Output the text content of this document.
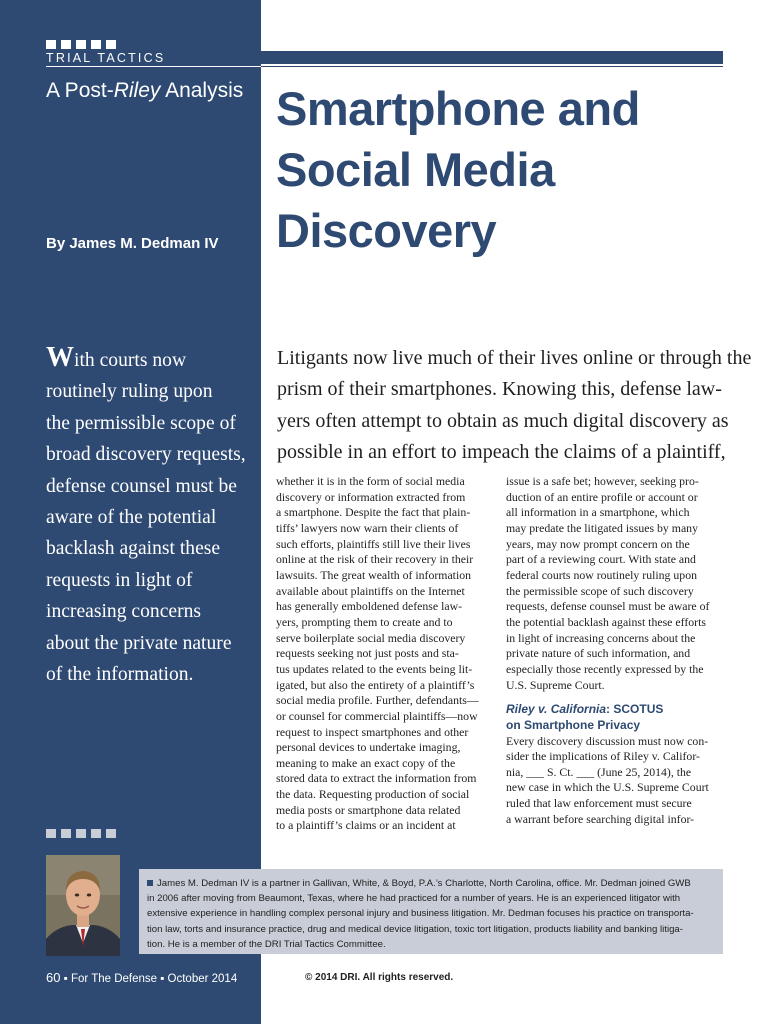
TRIAL TACTICS
A Post-Riley Analysis Smartphone and
Social Media
Discovery
By James M. Dedman IV
With courts now
routinely ruling upon
the permissible scope of
broad discovery requests,
defense counsel must be
aware of the potential
backlash against these
requests in light of
increasing concerns
about the private nature
of the information.
Litigants now live much of their lives online or through the
prism of their smartphones. Knowing this, defense law-
yers often attempt to obtain as much digital discovery as
possible in an effort to impeach the claims of a plaintiff,
whether it is in the form of social media
discovery or information extracted from
a smartphone. Despite the fact that plain-
tiffs’ lawyers now warn their clients of
such efforts, plaintiffs still live their lives
online at the risk of their recovery in their
lawsuits. The great wealth of information
available about plaintiffs on the Internet
has generally emboldened defense law-
yers, prompting them to create and to
serve boilerplate social media discovery
requests seeking not just posts and sta-
tus updates related to the events being lit-
igated, but also the entirety of a plaintiff’s
social media profile. Further, defendants—
or counsel for commercial plaintiffs—now
request to inspect smartphones and other
personal devices to undertake imaging,
meaning to make an exact copy of the
stored data to extract the information from
the data. Requesting production of social
media posts or smartphone data related
to a plaintiff’s claims or an incident at
issue is a safe bet; however, seeking pro-
duction of an entire profile or account or
all information in a smartphone, which
may predate the litigated issues by many
years, may now prompt concern on the
part of a reviewing court. With state and
federal courts now routinely ruling upon
the permissible scope of such discovery
requests, defense counsel must be aware of
the potential backlash against these efforts
in light of increasing concerns about the
private nature of such information, and
especially those recently expressed by the
U.S. Supreme Court.
Riley v. California: SCOTUS
on Smartphone Privacy
Every discovery discussion must now con-
sider the implications of Riley v. Califor-
nia, ___ S. Ct. ___ (June 25, 2014), the
new case in which the U.S. Supreme Court
ruled that law enforcement must secure
a warrant before searching digital infor-
James M. Dedman IV is a partner in Gallivan, White, & Boyd, P.A.’s Charlotte, North Carolina, office. Mr. Dedman joined GWB
in 2006 after moving from Beaumont, Texas, where he had practiced for a number of years. He is an experienced litigator with
extensive experience in handling complex personal injury and business litigation. Mr. Dedman focuses his practice on transporta-
tion law, torts and insurance practice, drug and medical device litigation, toxic tort litigation, products liability and banking litiga-
tion. He is a member of the DRI Trial Tactics Committee.
60 ▪ For The Defense ▪ October 2014	© 2014 DRI. All rights reserved.
